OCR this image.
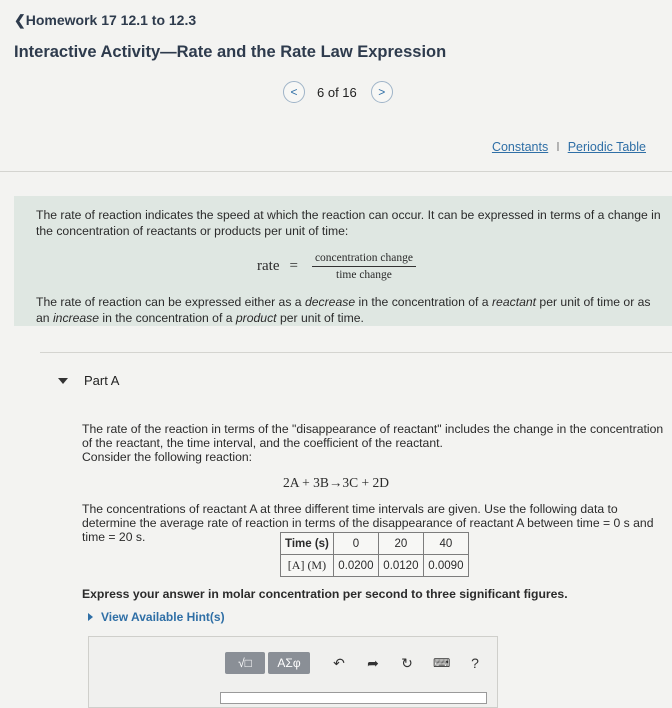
❮Homework 17 12.1 to 12.3
Interactive Activity—Rate and the Rate Law Expression
< 6 of 16 >
Constants I Periodic Table
The rate of reaction indicates the speed at which the reaction can occur. It can be expressed in terms of a change in the concentration of reactants or products per unit of time:
rate = $\frac{\text{concentration change}}{\text{time change}}$
The rate of reaction can be expressed either as a decrease in the concentration of a reactant per unit of time or as an increase in the concentration of a product per unit of time.
Part A
The rate of the reaction in terms of the "disappearance of reactant" includes the change in the concentration of the reactant, the time interval, and the coefficient of the reactant.
Consider the following reaction:
2A + 3B→3C + 2D
The concentrations of reactant A at three different time intervals are given. Use the following data to determine the average rate of reaction in terms of the disappearance of reactant A between time = 0 s and time = 20 s.	Time (s)	0	20	40
[A] (M)	0.0200	0.0120	0.0090
Express your answer in molar concentration per second to three significant figures.
View Available Hint(s)
√□ AΣφ ↶ ➦ ↻ ⌨ ?
